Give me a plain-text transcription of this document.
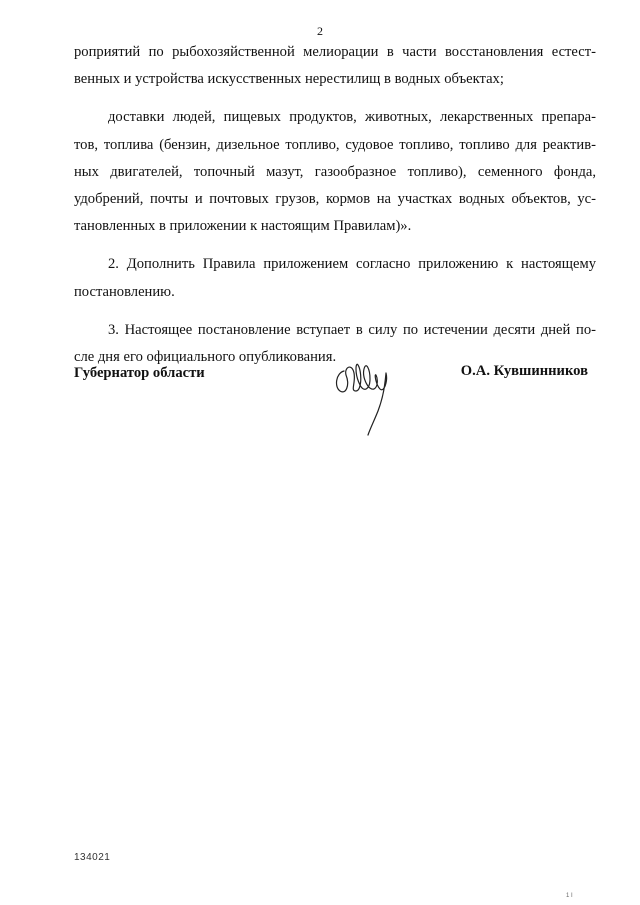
2
роприятий по рыбохозяйственной мелиорации в части восстановления естест-
венных и устройства искусственных нерестилищ в водных объектах;
доставки людей, пищевых продуктов, животных, лекарственных препара-
тов, топлива (бензин, дизельное топливо, судовое топливо, топливо для реактив-
ных двигателей, топочный мазут, газообразное топливо), семенного фонда,
удобрений, почты и почтовых грузов, кормов на участках водных объектов, ус-
тановленных в приложении к настоящим Правилам)».
2. Дополнить Правила приложением согласно приложению к настоящему
постановлению.
3. Настоящее постановление вступает в силу по истечении десяти дней по-
сле дня его официального опубликования.
Губернатор области	О.А. Кувшинников
134021
1 I
